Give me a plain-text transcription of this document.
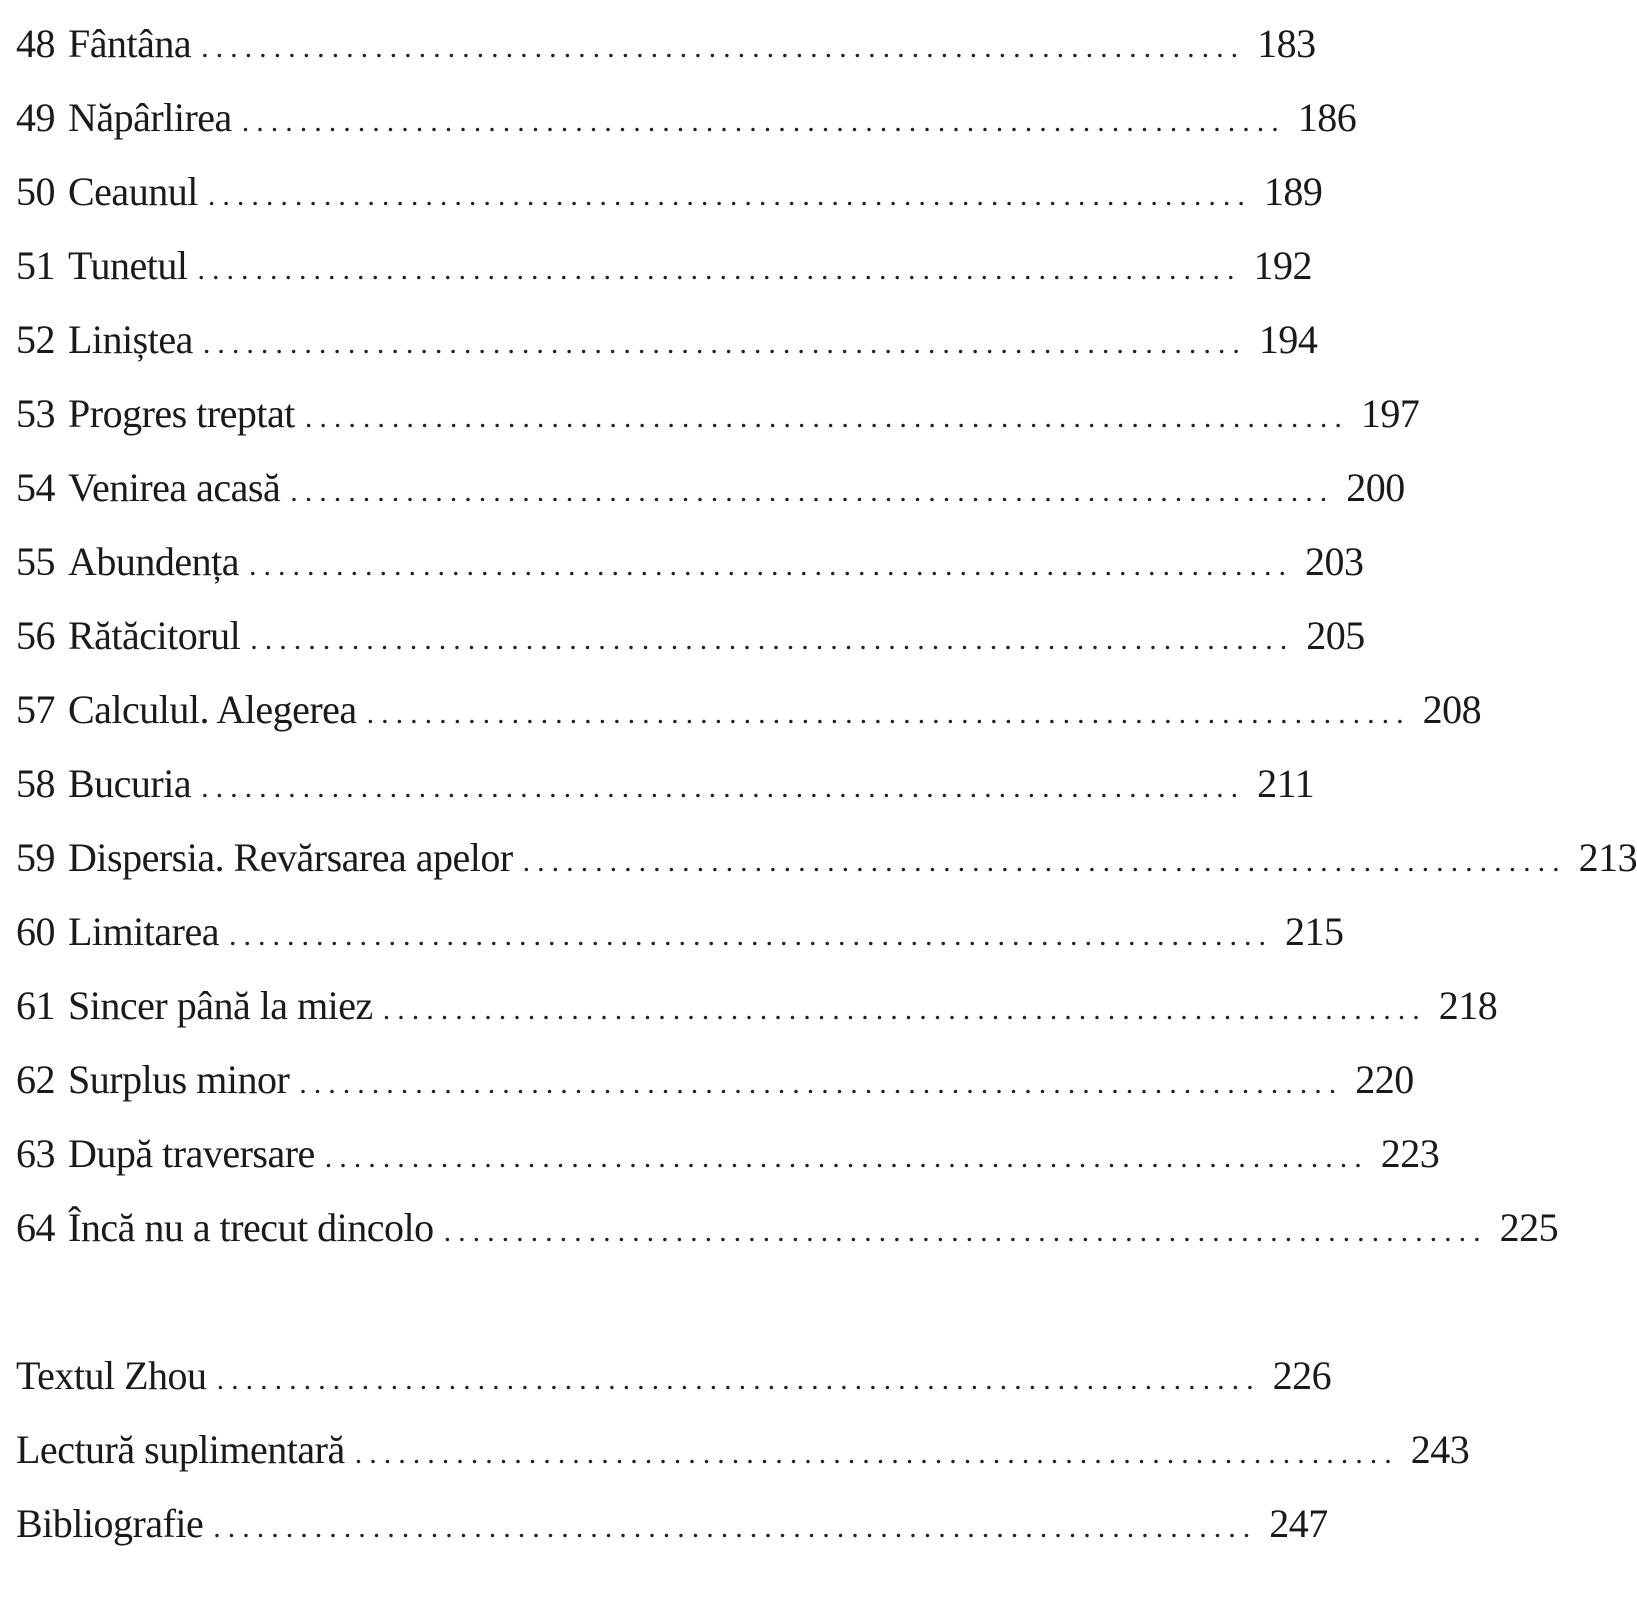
48 Fântâna ........................................................................ 183
49 Năpârlirea ........................................................................ 186
50 Ceaunul ........................................................................ 189
51 Tunetul ........................................................................ 192
52 Liniștea ........................................................................ 194
53 Progres treptat ........................................................................ 197
54 Venirea acasă ........................................................................ 200
55 Abundența ........................................................................ 203
56 Rătăcitorul ........................................................................ 205
57 Calculul. Alegerea ........................................................................ 208
58 Bucuria ........................................................................ 211
59 Dispersia. Revărsarea apelor ........................................................................ 213
60 Limitarea ........................................................................ 215
61 Sincer până la miez ........................................................................ 218
62 Surplus minor ........................................................................ 220
63 După traversare ........................................................................ 223
64 Încă nu a trecut dincolo ........................................................................ 225
Textul Zhou ........................................................................ 226
Lectură suplimentară ........................................................................ 243
Bibliografie ........................................................................ 247
